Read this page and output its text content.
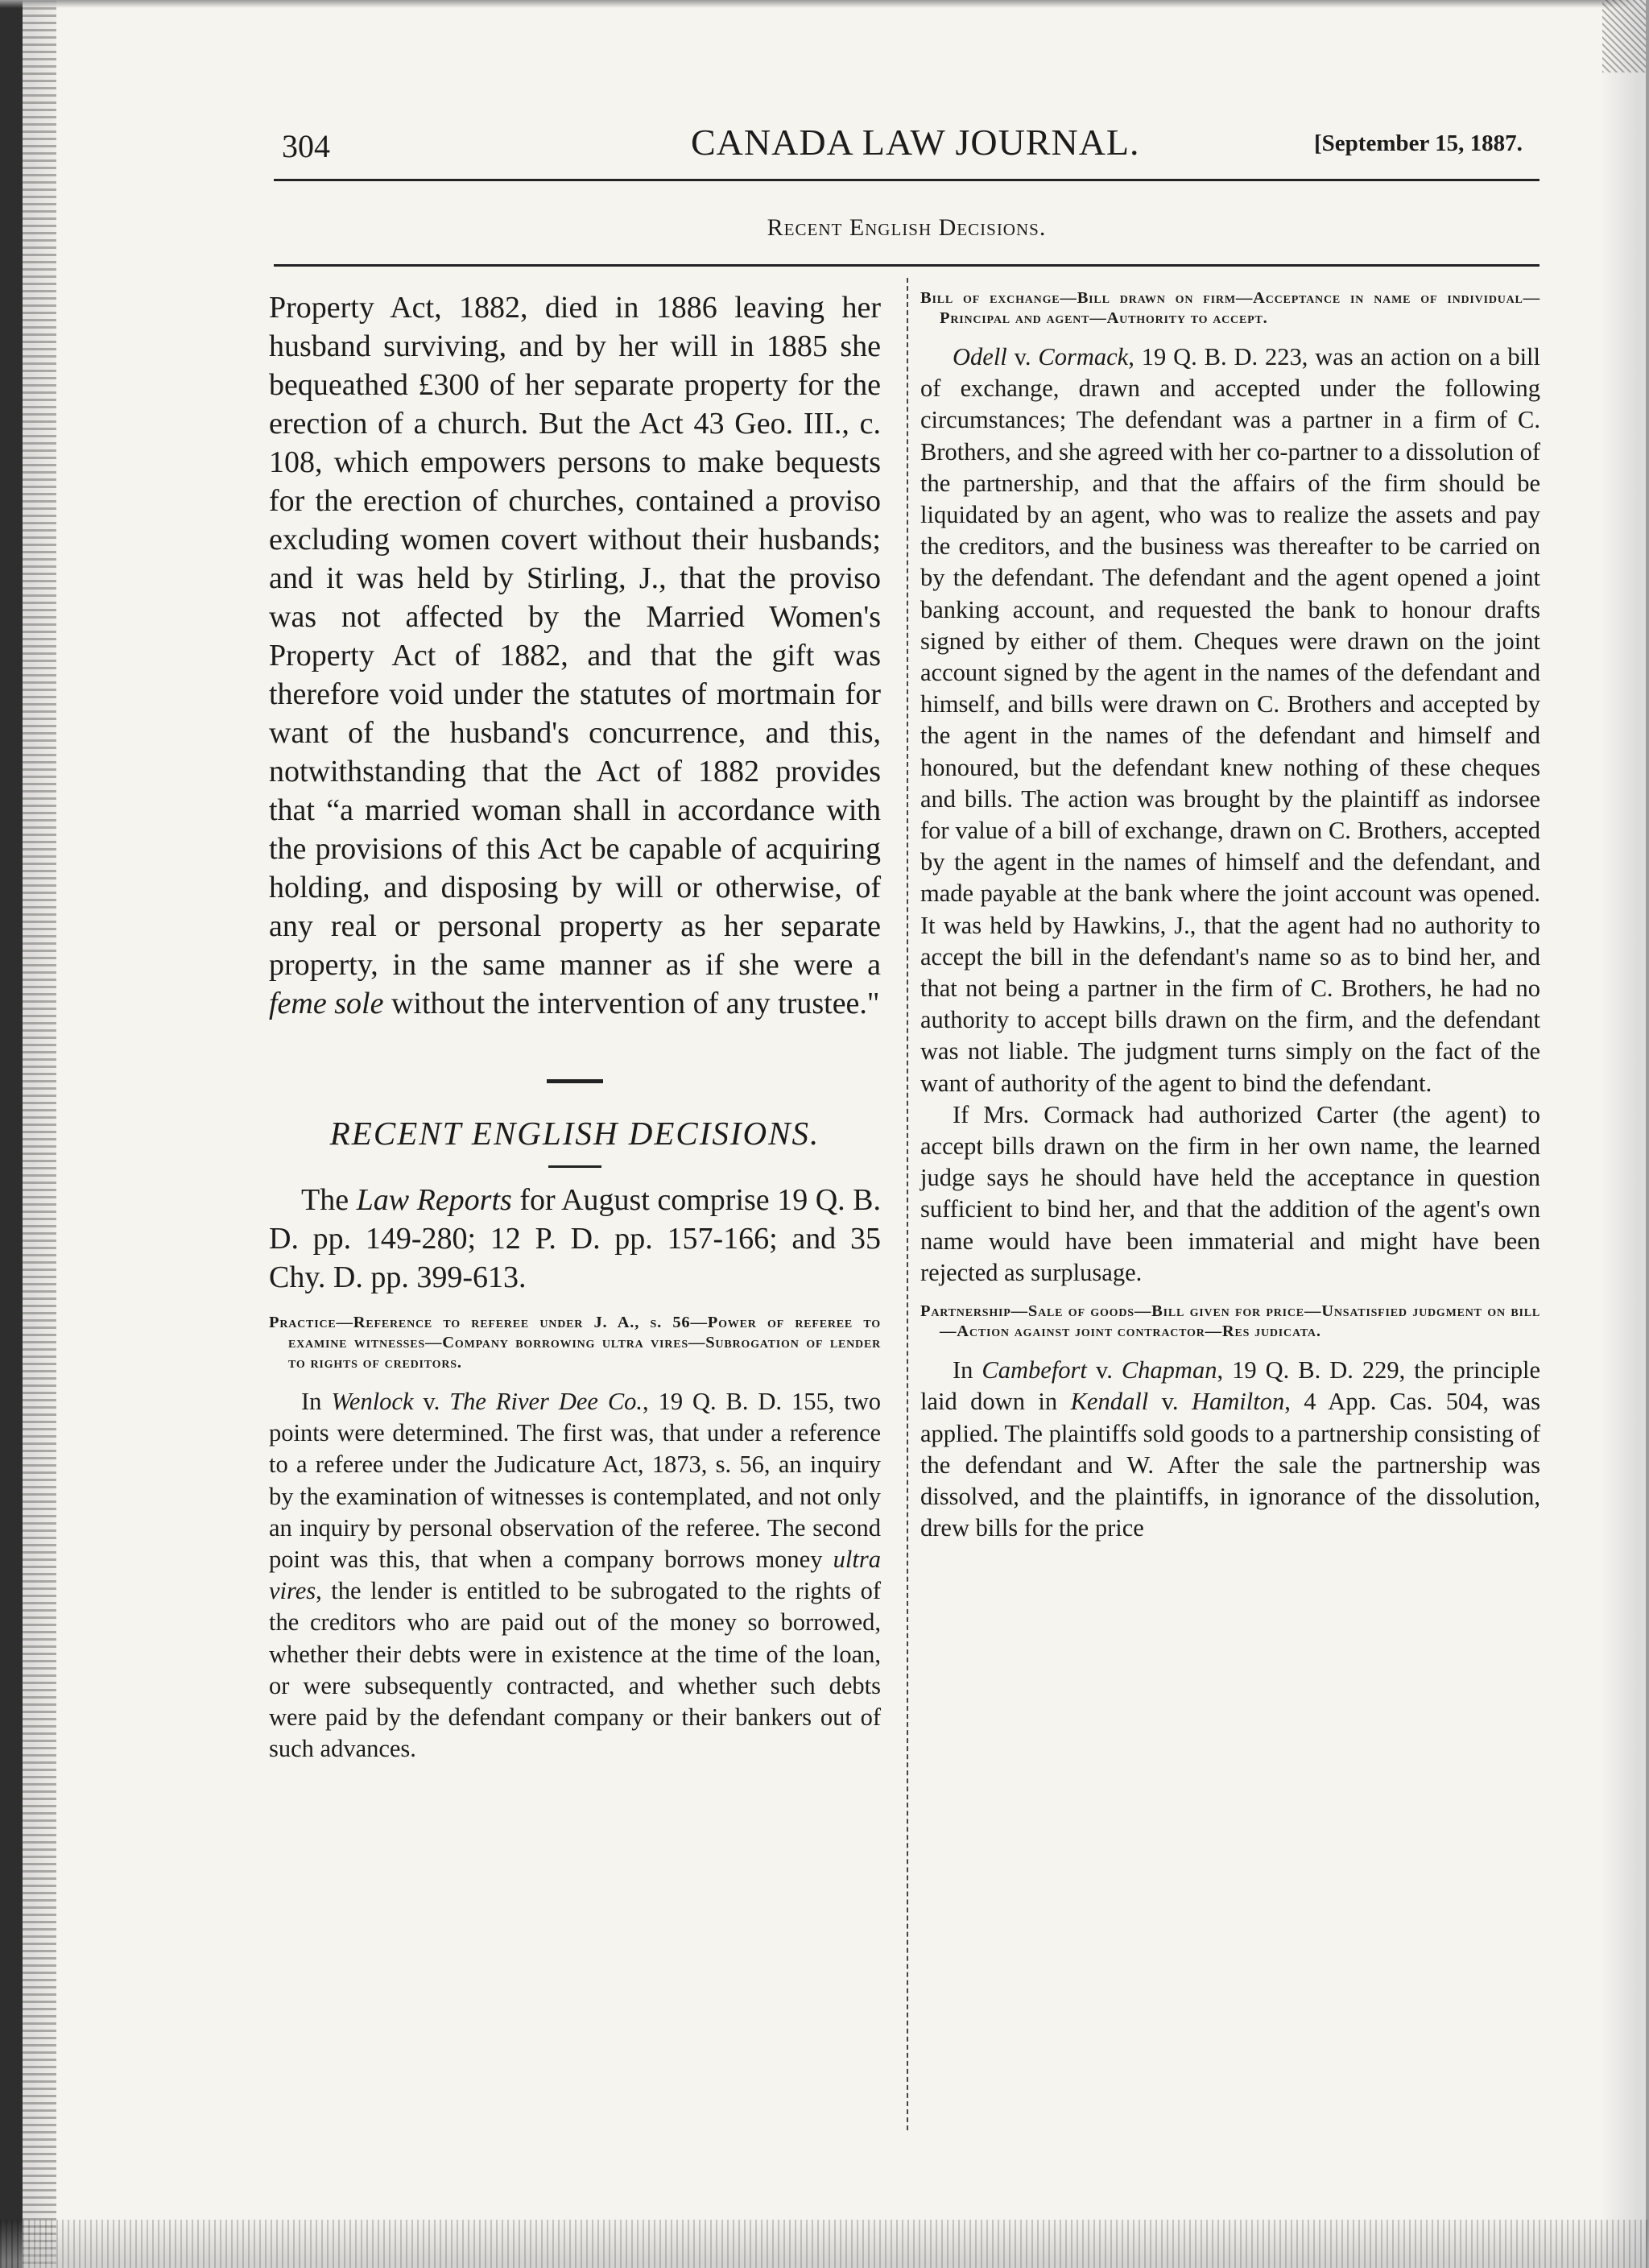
304	CANADA LAW JOURNAL.	[September 15, 1887.
Recent English Decisions.

Property Act, 1882, died in 1886 leaving her husband surviving, and by her will in 1885 she bequeathed £300 of her separate property for the erection of a church. But the Act 43 Geo. III., c. 108, which empowers persons to make bequests for the erection of churches, contained a proviso excluding women covert without their husbands; and it was held by Stirling, J., that the proviso was not affected by the Married Women's Property Act of 1882, and that the gift was therefore void under the statutes of mortmain for want of the husband's concurrence, and this, notwithstanding that the Act of 1882 provides that “a married woman shall in accordance with the provisions of this Act be capable of acquiring holding, and disposing by will or otherwise, of any real or personal property as her separate property, in the same manner as if she were a feme sole without the intervention of any trustee."

RECENT ENGLISH DECISIONS.

The Law Reports for August comprise 19 Q. B. D. pp. 149-280; 12 P. D. pp. 157-166; and 35 Chy. D. pp. 399-613.

Practice—Reference to referee under J. A., s. 56—Power of referee to examine witnesses—Company borrowing ultra vires—Subrogation of lender to rights of creditors.

In Wenlock v. The River Dee Co., 19 Q. B. D. 155, two points were determined. The first was, that under a reference to a referee under the Judicature Act, 1873, s. 56, an inquiry by the examination of witnesses is contemplated, and not only an inquiry by personal observation of the referee. The second point was this, that when a company borrows money ultra vires, the lender is entitled to be subrogated to the rights of the creditors who are paid out of the money so borrowed, whether their debts were in existence at the time of the loan, or were subsequently contracted, and whether such debts were paid by the defendant company or their bankers out of such advances.

Bill of exchange—Bill drawn on firm—Acceptance in name of individual—Principal and agent—Authority to accept.

Odell v. Cormack, 19 Q. B. D. 223, was an action on a bill of exchange, drawn and accepted under the following circumstances; The defendant was a partner in a firm of C. Brothers, and she agreed with her co-partner to a dissolution of the partnership, and that the affairs of the firm should be liquidated by an agent, who was to realize the assets and pay the creditors, and the business was thereafter to be carried on by the defendant. The defendant and the agent opened a joint banking account, and requested the bank to honour drafts signed by either of them. Cheques were drawn on the joint account signed by the agent in the names of the defendant and himself, and bills were drawn on C. Brothers and accepted by the agent in the names of the defendant and himself and honoured, but the defendant knew nothing of these cheques and bills. The action was brought by the plaintiff as indorsee for value of a bill of exchange, drawn on C. Brothers, accepted by the agent in the names of himself and the defendant, and made payable at the bank where the joint account was opened. It was held by Hawkins, J., that the agent had no authority to accept the bill in the defendant's name so as to bind her, and that not being a partner in the firm of C. Brothers, he had no authority to accept bills drawn on the firm, and the defendant was not liable. The judgment turns simply on the fact of the want of authority of the agent to bind the defendant.

If Mrs. Cormack had authorized Carter (the agent) to accept bills drawn on the firm in her own name, the learned judge says he should have held the acceptance in question sufficient to bind her, and that the addition of the agent's own name would have been immaterial and might have been rejected as surplusage.

Partnership—Sale of goods—Bill given for price—Unsatisfied judgment on bill—Action against joint contractor—Res judicata.

In Cambefort v. Chapman, 19 Q. B. D. 229, the principle laid down in Kendall v. Hamilton, 4 App. Cas. 504, was applied. The plaintiffs sold goods to a partnership consisting of the defendant and W. After the sale the partnership was dissolved, and the plaintiffs, in ignorance of the dissolution, drew bills for the price
